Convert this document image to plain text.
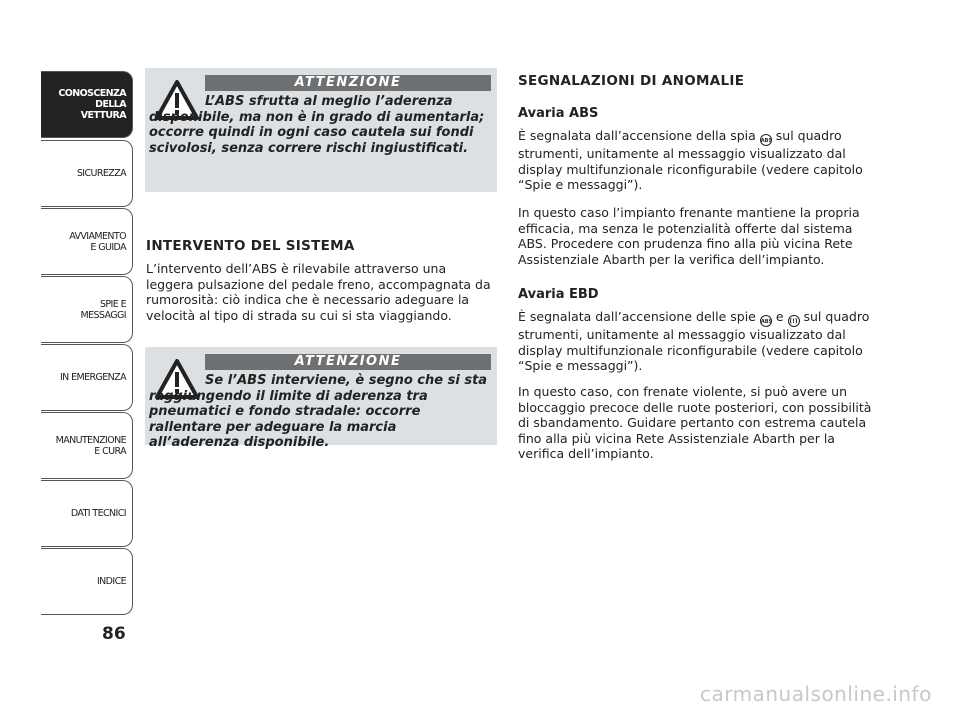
CONOSCENZA
DELLA
VETTURA
SICUREZZA
AVVIAMENTO
E GUIDA
SPIE E
MESSAGGI
IN EMERGENZA
MANUTENZIONE
E CURA
DATI TECNICI
INDICE
86
ATTENZIONE
L’ABS sfrutta al meglio l’aderenza disponibile, ma non è in grado di aumentarla; occorre quindi in ogni caso cautela sui fondi scivolosi, senza correre rischi ingiustificati.
INTERVENTO DEL SISTEMA
L’intervento dell’ABS è rilevabile attraverso una leggera pulsazione del pedale freno, accompagnata da rumorosità: ciò indica che è necessario adeguare la velocità al tipo di strada su cui si sta viaggiando.
ATTENZIONE
Se l’ABS interviene, è segno che si sta raggiungendo il limite di aderenza tra pneumatici e fondo stradale: occorre rallentare per adeguare la marcia all’aderenza disponibile.
SEGNALAZIONI DI ANOMALIE
Avaria ABS
È segnalata dall’accensione della spia ABS sul quadro strumenti, unitamente al messaggio visualizzato dal display multifunzionale riconfigurabile (vedere capitolo “Spie e messaggi”).
In questo caso l’impianto frenante mantiene la propria efficacia, ma senza le potenzialità offerte dal sistema ABS. Procedere con prudenza fino alla più vicina Rete Assistenziale Abarth per la verifica dell’impianto.
Avaria EBD
È segnalata dall’accensione delle spie ABS e (!) sul quadro strumenti, unitamente al messaggio visualizzato dal display multifunzionale riconfigurabile (vedere capitolo “Spie e messaggi”).
In questo caso, con frenate violente, si può avere un bloccaggio precoce delle ruote posteriori, con possibilità di sbandamento. Guidare pertanto con estrema cautela fino alla più vicina Rete Assistenziale Abarth per la verifica dell’impianto.
carmanualsonline.info
